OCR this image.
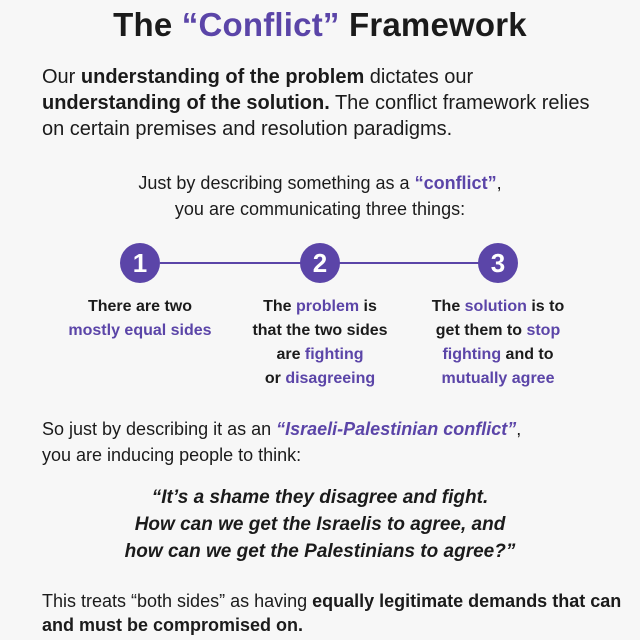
The “Conflict” Framework

Our understanding of the problem dictates our understanding of the solution. The conflict framework relies on certain premises and resolution paradigms.

Just by describing something as a “conflict”,
you are communicating three things:

1	2	3
There are two
mostly equal sides
The problem is
that the two sides
are fighting
or disagreeing
The solution is to
get them to stop
fighting and to
mutually agree

So just by describing it as an “Israeli-Palestinian conflict”,
you are inducing people to think:

“It’s a shame they disagree and fight.
How can we get the Israelis to agree, and
how can we get the Palestinians to agree?”

This treats “both sides” as having equally legitimate demands that can and must be compromised on.
